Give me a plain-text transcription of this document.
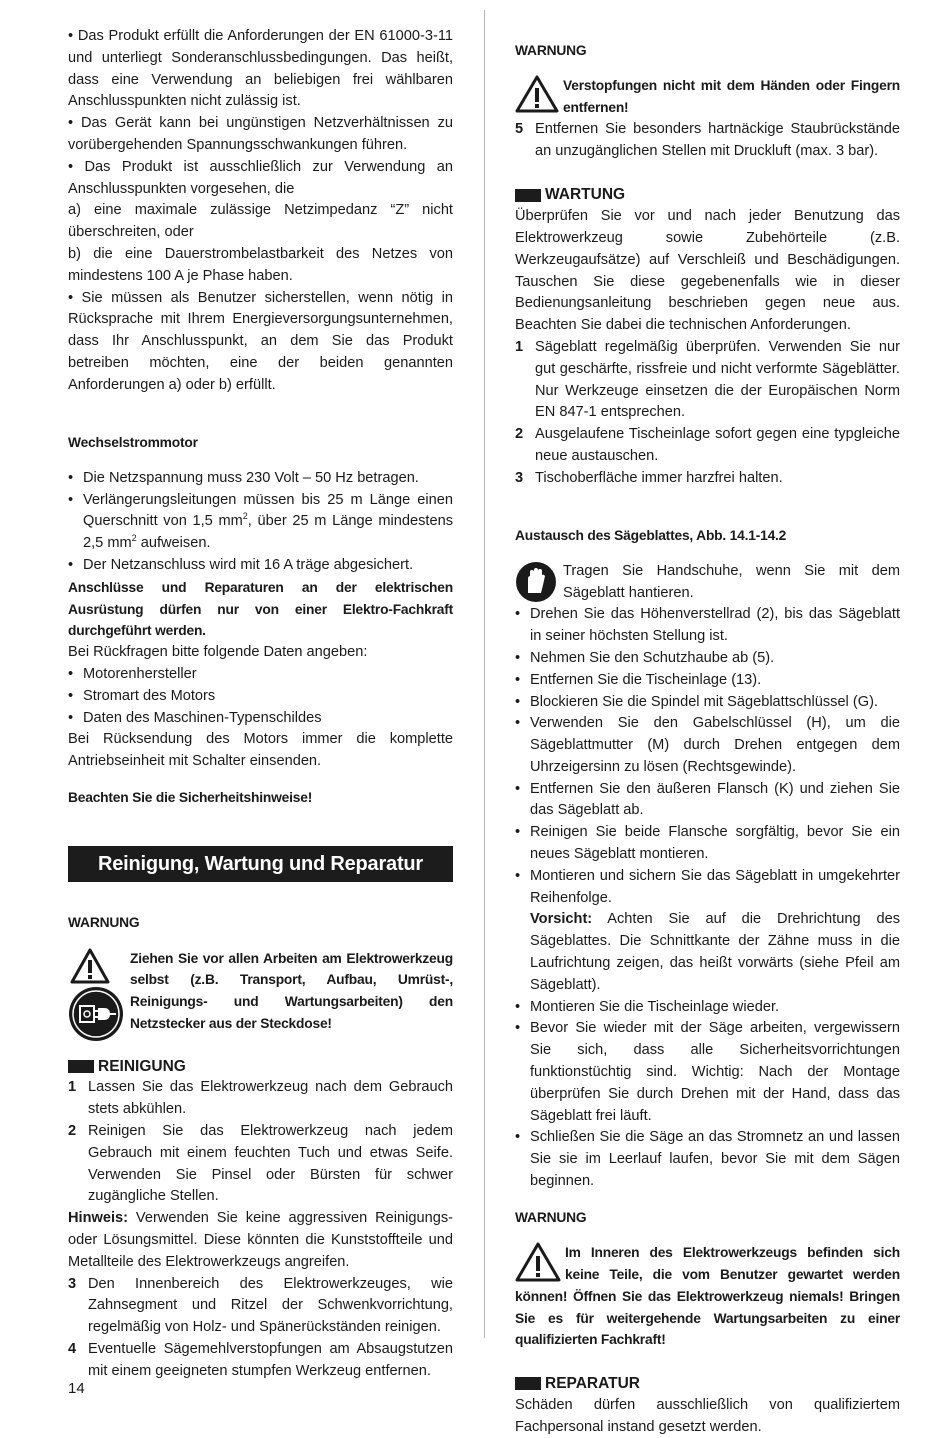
• Das Produkt erfüllt die Anforderungen der EN 61000-3-11 und unterliegt Sonderanschlussbedingungen. Das heißt, dass eine Verwendung an beliebigen frei wählbaren Anschlusspunkten nicht zulässig ist.

• Das Gerät kann bei ungünstigen Netzverhältnissen zu vorübergehenden Spannungsschwankungen führen.

• Das Produkt ist ausschließlich zur Verwendung an Anschlusspunkten vorgesehen, die

a) eine maximale zulässige Netzimpedanz “Z” nicht überschreiten, oder

b) die eine Dauerstrombelastbarkeit des Netzes von mindestens 100 A je Phase haben.

• Sie müssen als Benutzer sicherstellen, wenn nötig in Rücksprache mit Ihrem Energieversorgungsunternehmen, dass Ihr Anschlusspunkt, an dem Sie das Produkt betreiben möchten, eine der beiden genannten Anforderungen a) oder b) erfüllt.

Wechselstrommotor

• Die Netzspannung muss 230 Volt – 50 Hz betragen.

• Verlängerungsleitungen müssen bis 25 m Länge einen Querschnitt von 1,5 $mm^2$, über 25 m Länge mindestens 2,5 $mm^2$ aufweisen.

• Der Netzanschluss wird mit 16 A träge abgesichert.

Anschlüsse und Reparaturen an der elektrischen Ausrüstung dürfen nur von einer Elektro-Fachkraft durchgeführt werden.

Bei Rückfragen bitte folgende Daten angeben:

• Motorenhersteller

• Stromart des Motors

• Daten des Maschinen-Typenschildes

Bei Rücksendung des Motors immer die komplette Antriebseinheit mit Schalter einsenden.

Beachten Sie die Sicherheitshinweise!

Reinigung, Wartung und Reparatur

WARNUNG

Ziehen Sie vor allen Arbeiten am Elektrowerkzeug selbst (z.B. Transport, Aufbau, Umrüst-, Reinigungs- und Wartungsarbeiten) den Netzstecker aus der Steckdose!

REINIGUNG

1 Lassen Sie das Elektrowerkzeug nach dem Gebrauch stets abkühlen.

2 Reinigen Sie das Elektrowerkzeug nach jedem Gebrauch mit einem feuchten Tuch und etwas Seife. Verwenden Sie Pinsel oder Bürsten für schwer zugängliche Stellen.

Hinweis: Verwenden Sie keine aggressiven Reinigungs- oder Lösungsmittel. Diese könnten die Kunststoffteile und Metallteile des Elektrowerkzeugs angreifen.

3 Den Innenbereich des Elektrowerkzeuges, wie Zahnsegment und Ritzel der Schwenkvorrichtung, regelmäßig von Holz- und Spänerückständen reinigen.

4 Eventuelle Sägemehlverstopfungen am Absaugstutzen mit einem geeigneten stumpfen Werkzeug entfernen.

WARNUNG

Verstopfungen nicht mit dem Händen oder Fingern entfernen!

5 Entfernen Sie besonders hartnäckige Staubrückstände an unzugänglichen Stellen mit Druckluft (max. 3 bar).

WARTUNG

Überprüfen Sie vor und nach jeder Benutzung das Elektrowerkzeug sowie Zubehörteile (z.B. Werkzeugaufsätze) auf Verschleiß und Beschädigungen. Tauschen Sie diese gegebenenfalls wie in dieser Bedienungsanleitung beschrieben gegen neue aus. Beachten Sie dabei die technischen Anforderungen.

1 Sägeblatt regelmäßig überprüfen. Verwenden Sie nur gut geschärfte, rissfreie und nicht verformte Sägeblätter. Nur Werkzeuge einsetzen die der Europäischen Norm EN 847-1 entsprechen.

2 Ausgelaufene Tischeinlage sofort gegen eine typgleiche neue austauschen.

3 Tischoberfläche immer harzfrei halten.

Austausch des Sägeblattes, Abb. 14.1-14.2

Tragen Sie Handschuhe, wenn Sie mit dem Sägeblatt hantieren.

• Drehen Sie das Höhenverstellrad (2), bis das Sägeblatt in seiner höchsten Stellung ist.

• Nehmen Sie den Schutzhaube ab (5).

• Entfernen Sie die Tischeinlage (13).

• Blockieren Sie die Spindel mit Sägeblattschlüssel (G).

• Verwenden Sie den Gabelschlüssel (H), um die Sägeblattmutter (M) durch Drehen entgegen dem Uhrzeigersinn zu lösen (Rechtsgewinde).

• Entfernen Sie den äußeren Flansch (K) und ziehen Sie das Sägeblatt ab.

• Reinigen Sie beide Flansche sorgfältig, bevor Sie ein neues Sägeblatt montieren.

• Montieren und sichern Sie das Sägeblatt in umgekehrter Reihenfolge.

Vorsicht: Achten Sie auf die Drehrichtung des Sägeblattes. Die Schnittkante der Zähne muss in die Laufrichtung zeigen, das heißt vorwärts (siehe Pfeil am Sägeblatt).

• Montieren Sie die Tischeinlage wieder.

• Bevor Sie wieder mit der Säge arbeiten, vergewissern Sie sich, dass alle Sicherheitsvorrichtungen funktionstüchtig sind. Wichtig: Nach der Montage überprüfen Sie durch Drehen mit der Hand, dass das Sägeblatt frei läuft.

• Schließen Sie die Säge an das Stromnetz an und lassen Sie sie im Leerlauf laufen, bevor Sie mit dem Sägen beginnen.

WARNUNG

Im Inneren des Elektrowerkzeugs befinden sich keine Teile, die vom Benutzer gewartet werden können! Öffnen Sie das Elektrowerkzeug niemals! Bringen Sie es für weitergehende Wartungsarbeiten zu einer qualifizierten Fachkraft!

REPARATUR

Schäden dürfen ausschließlich von qualifiziertem Fachpersonal instand gesetzt werden.

14
